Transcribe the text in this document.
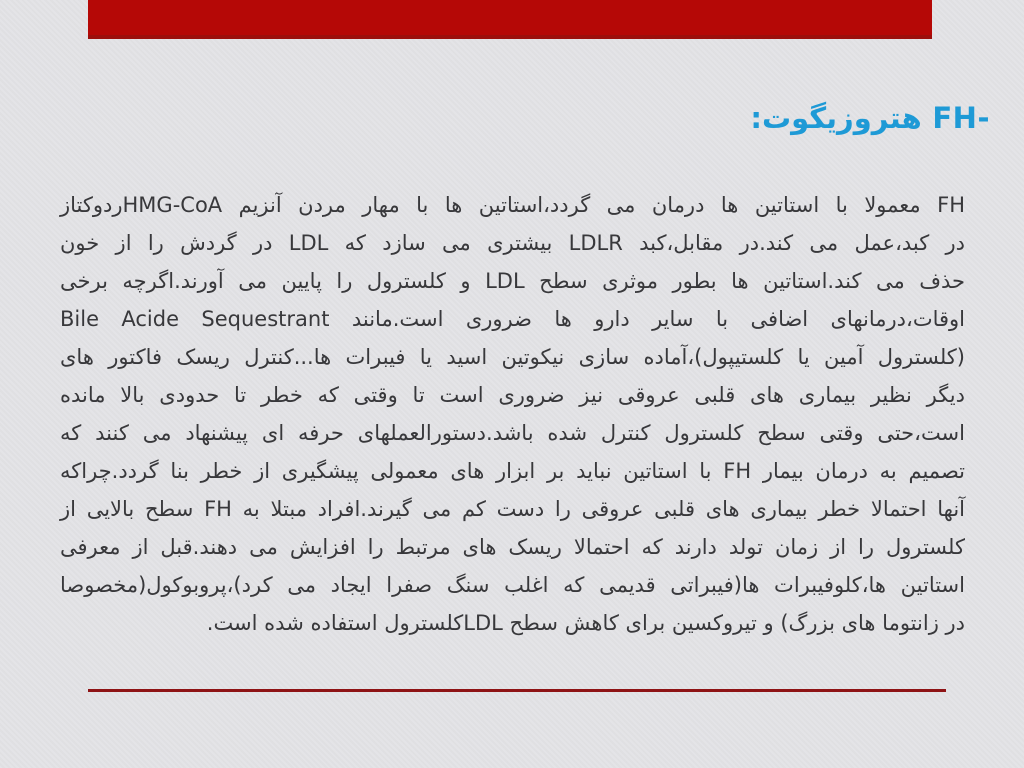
-FH هتروزیگوت:
FH معمولا با استاتین ها درمان می گردد،استاتین ها با مهار مردن آنزیم HMG-CoAردوکتاز
در کبد،عمل می کند.در مقابل،کبد LDLR بیشتری می سازد که LDL در گردش را از خون
حذف می کند.استاتین ها بطور موثری سطح LDL و کلسترول را پایین می آورند.اگرچه برخی
اوقات،درمانهای اضافی با سایر دارو ها ضروری است.مانند Bile Acide Sequestrant
(کلسترول آمین یا کلستیپول)،آماده سازی نیکوتین اسید یا فیبرات ها...کنترل ریسک فاکتور های
دیگر نظیر بیماری های قلبی عروقی نیز ضروری است تا وقتی که خطر تا حدودی بالا مانده
است،حتی وقتی سطح کلسترول کنترل شده باشد.دستورالعملهای حرفه ای پیشنهاد می کنند که
تصمیم به درمان بیمار FH با استاتین نباید بر ابزار های معمولی پیشگیری از خطر بنا گردد.چراکه
آنها احتمالا خطر بیماری های قلبی عروقی را دست کم می گیرند.افراد مبتلا به FH سطح بالایی از
کلسترول را از زمان تولد دارند که احتمالا ریسک های مرتبط را افزایش می دهند.قبل از معرفی
استاتین ها،کلوفیبرات ها(فیبراتی قدیمی که اغلب سنگ صفرا ایجاد می کرد)،پروبوکول(مخصوصا
در زانتوما های بزرگ) و تیروکسین برای کاهش سطح LDLکلسترول استفاده شده است.
